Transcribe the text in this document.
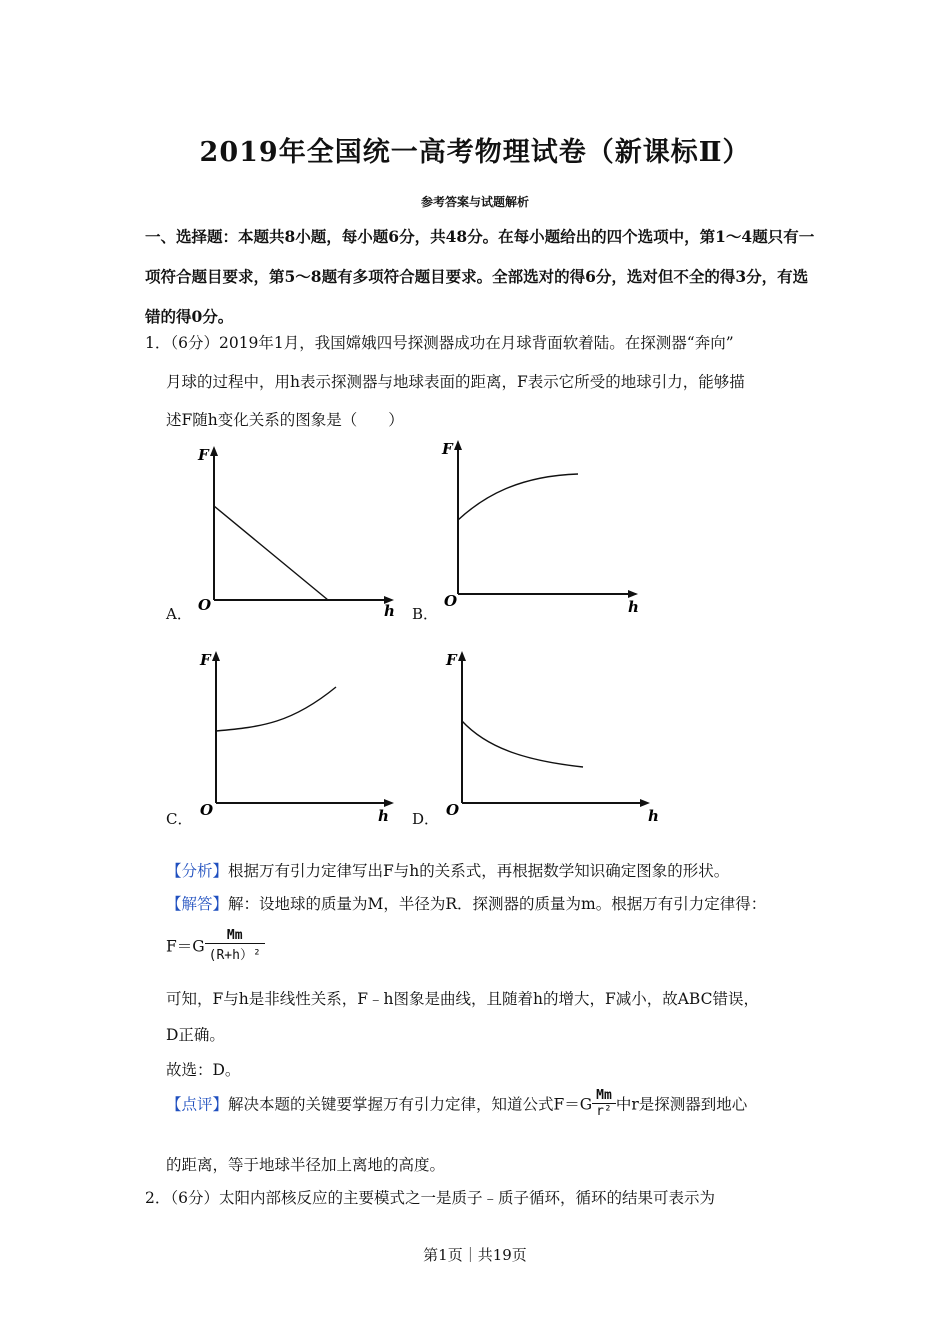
2019年全国统一高考物理试卷（新课标Ⅱ）
参考答案与试题解析
一、选择题：本题共8小题，每小题6分，共48分。在每小题给出的四个选项中，第1～4题只有一项符合题目要求，第5～8题有多项符合题目要求。全部选对的得6分，选对但不全的得3分，有选错的得0分。
1．（6分）2019年1月，我国嫦娥四号探测器成功在月球背面软着陆。在探测器“奔向”
月球的过程中，用h表示探测器与地球表面的距离，F表示它所受的地球引力，能够描
述F随h变化关系的图象是（　　）
A．
F
h
O	B．
F
h
O
C．
F
h
O	D．
F
h
O
【分析】根据万有引力定律写出F与h的关系式，再根据数学知识确定图象的形状。
【解答】解：设地球的质量为M，半径为R．探测器的质量为m。根据万有引力定律得：
$F=G \frac{Mm}{\text{(R+h）²}}$
可知，F与h是非线性关系，F﹣h图象是曲线，且随着h的增大，F减小，故ABC错误，
D正确。
故选：D。
【点评】解决本题的关键要掌握万有引力定律，知道公式$F=G \frac{Mm}{\text{r²}}$ 中r是探测器到地心
的距离，等于地球半径加上离地的高度。
2．（6分）太阳内部核反应的主要模式之一是质子﹣质子循环，循环的结果可表示为
第1页｜共19页
